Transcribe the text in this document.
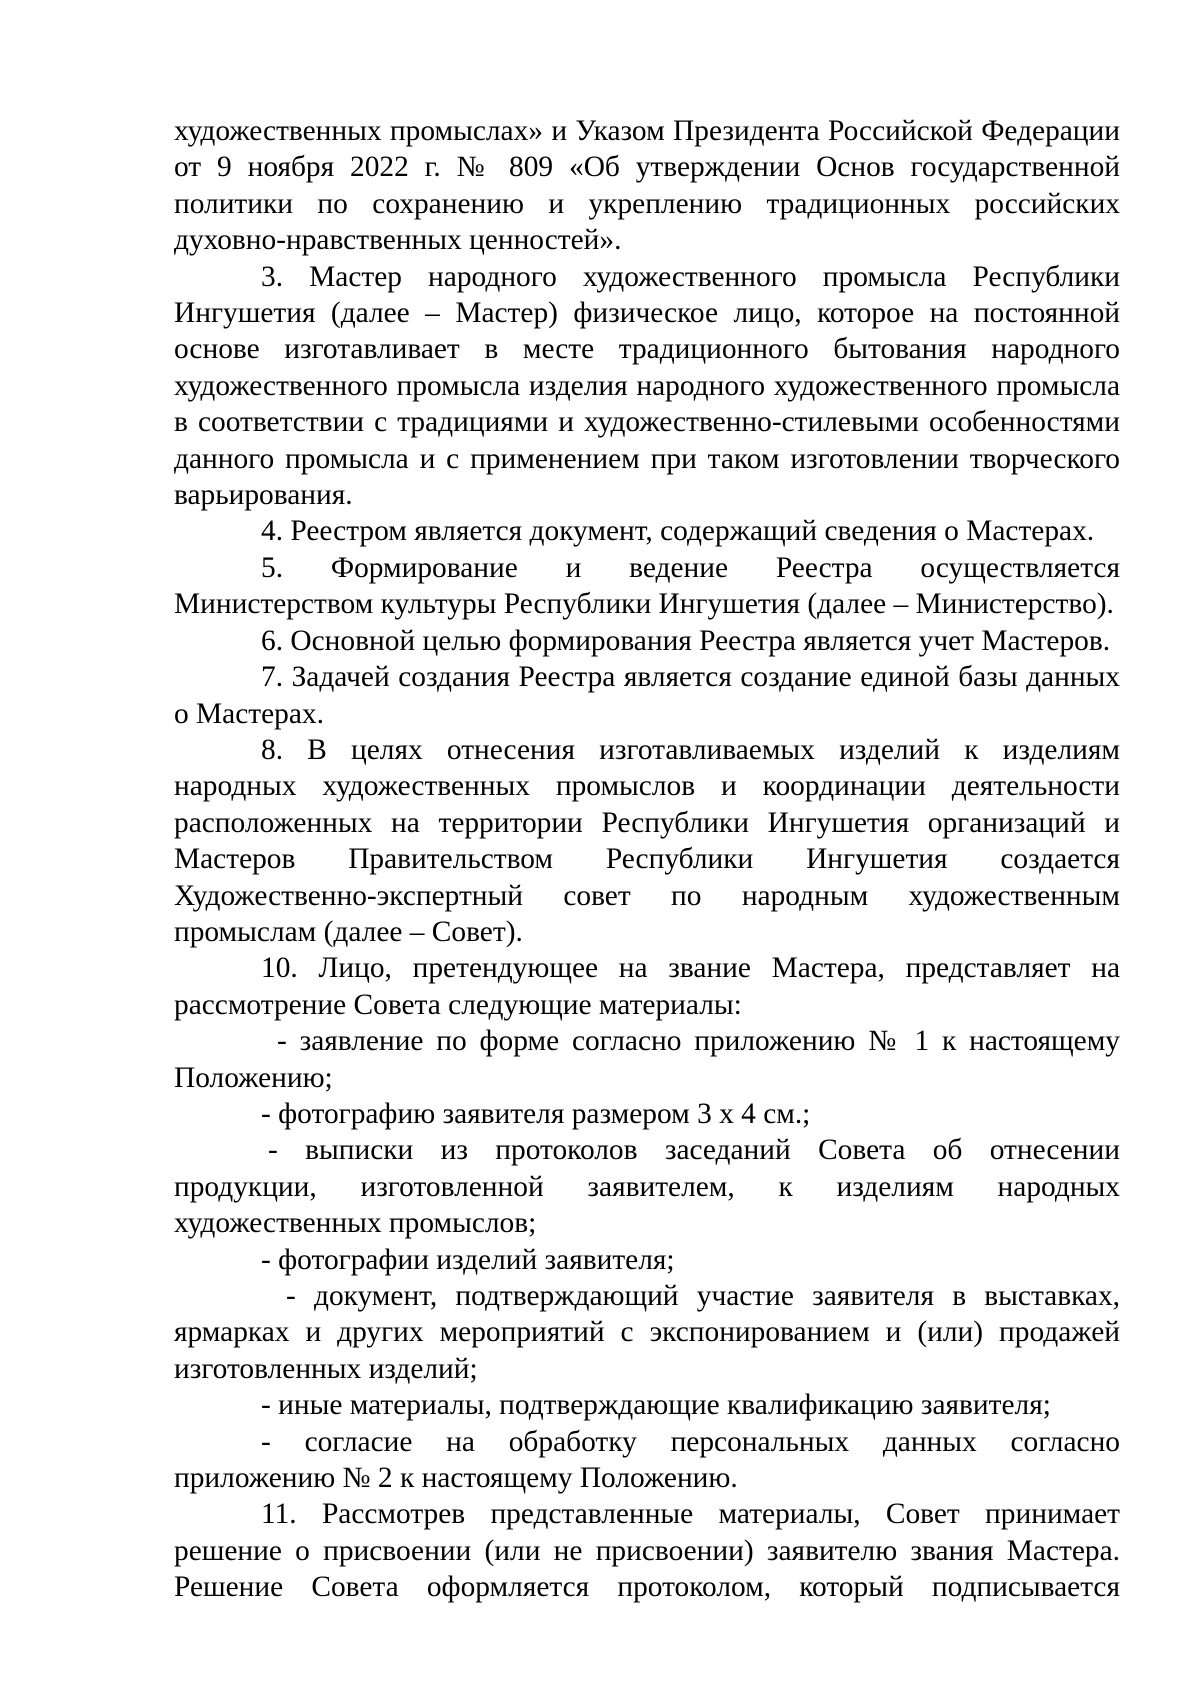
художественных промыслах» и Указом Президента Российской Федерации от 9 ноября 2022 г. № 809 «Об утверждении Основ государственной политики по сохранению и укреплению традиционных российских духовно-нравственных ценностей».

3. Мастер народного художественного промысла Республики Ингушетия (далее – Мастер) физическое лицо, которое на постоянной основе изготавливает в месте традиционного бытования народного художественного промысла изделия народного художественного промысла в соответствии с традициями и художественно-стилевыми особенностями данного промысла и с применением при таком изготовлении творческого варьирования.

4. Реестром является документ, содержащий сведения о Мастерах.

5. Формирование и ведение Реестра осуществляется Министерством культуры Республики Ингушетия (далее – Министерство).

6. Основной целью формирования Реестра является учет Мастеров.

7. Задачей создания Реестра является создание единой базы данных о Мастерах.

8. В целях отнесения изготавливаемых изделий к изделиям народных художественных промыслов и координации деятельности расположенных на территории Республики Ингушетия организаций и Мастеров Правительством Республики Ингушетия создается Художественно-экспертный совет по народным художественным промыслам (далее – Совет).

10. Лицо, претендующее на звание Мастера, представляет на рассмотрение Совета следующие материалы:

- заявление по форме согласно приложению № 1 к настоящему Положению;

- фотографию заявителя размером 3 х 4 см.;

- выписки из протоколов заседаний Совета об отнесении продукции, изготовленной заявителем, к изделиям народных художественных промыслов;

- фотографии изделий заявителя;

- документ, подтверждающий участие заявителя в выставках, ярмарках и других мероприятий с экспонированием и (или) продажей изготовленных изделий;

- иные материалы, подтверждающие квалификацию заявителя;

- согласие на обработку персональных данных согласно приложению № 2 к настоящему Положению.

11. Рассмотрев представленные материалы, Совет принимает решение о присвоении (или не присвоении) заявителю звания Мастера. Решение Совета оформляется протоколом, который подписывается
